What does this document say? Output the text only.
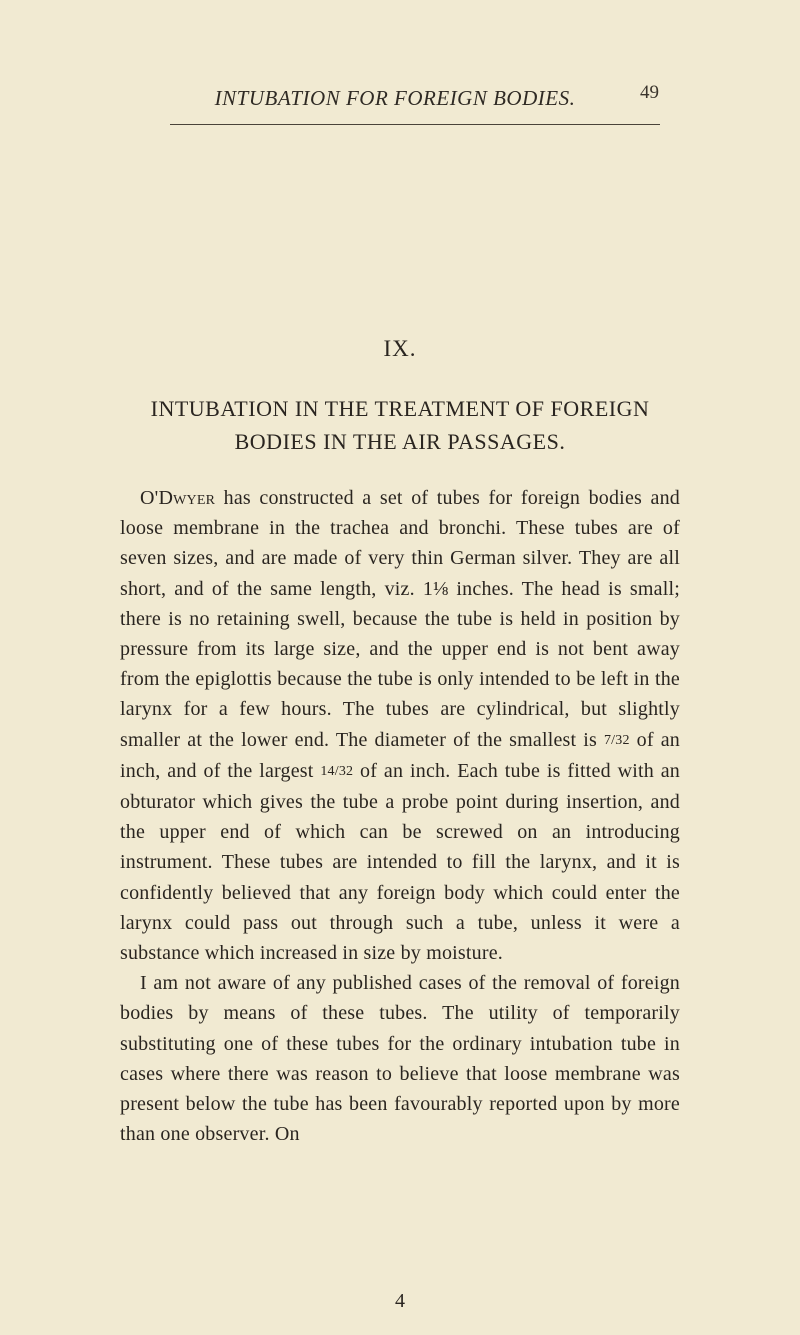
INTUBATION FOR FOREIGN BODIES.	49
IX.
INTUBATION IN THE TREATMENT OF FOREIGN
BODIES IN THE AIR PASSAGES.

O'Dwyer has constructed a set of tubes for foreign bodies and loose membrane in the trachea and bronchi. These tubes are of seven sizes, and are made of very thin German silver. They are all short, and of the same length, viz. 1⅛ inches. The head is small; there is no retaining swell, because the tube is held in position by pressure from its large size, and the upper end is not bent away from the epiglottis because the tube is only intended to be left in the larynx for a few hours. The tubes are cylindrical, but slightly smaller at the lower end. The diameter of the smallest is 7/32 of an inch, and of the largest 14/32 of an inch. Each tube is fitted with an obturator which gives the tube a probe point during insertion, and the upper end of which can be screwed on an introducing instrument. These tubes are intended to fill the larynx, and it is confidently believed that any foreign body which could enter the larynx could pass out through such a tube, unless it were a substance which increased in size by moisture.

I am not aware of any published cases of the removal of foreign bodies by means of these tubes. The utility of temporarily substituting one of these tubes for the ordinary intubation tube in cases where there was reason to believe that loose membrane was present below the tube has been favourably reported upon by more than one observer. On

4
